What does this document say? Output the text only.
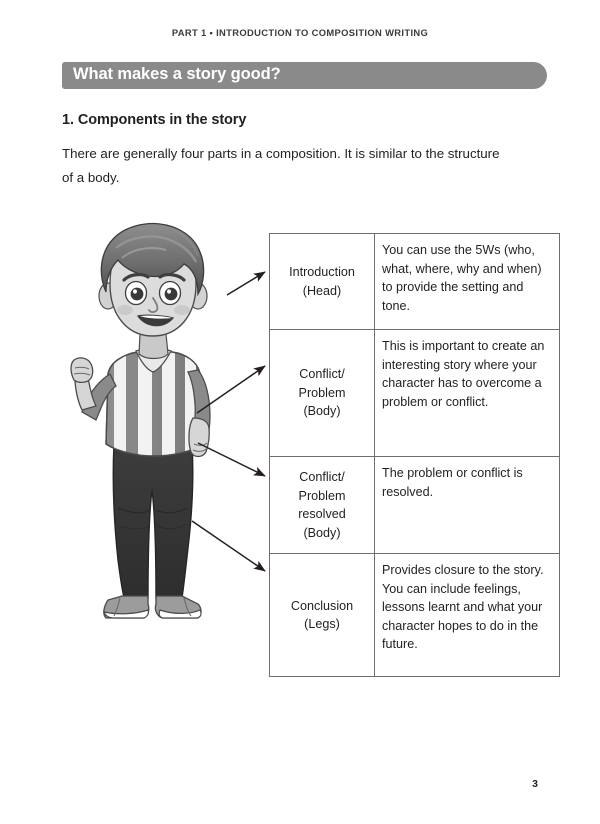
PART 1 • INTRODUCTION TO COMPOSITION WRITING
What makes a story good?
1. Components in the story
There are generally four parts in a composition. It is similar to the structure of a body.
Introduction
(Head)	You can use the 5Ws (who, what, where, why and when) to provide the setting and tone.
Conflict/
Problem
(Body)	This is important to create an interesting story where your character has to overcome a problem or conflict.
Conflict/
Problem
resolved
(Body)	The problem or conflict is resolved.
Conclusion
(Legs)	Provides closure to the story. You can include feelings, lessons learnt and what your character hopes to do in the future.
3
